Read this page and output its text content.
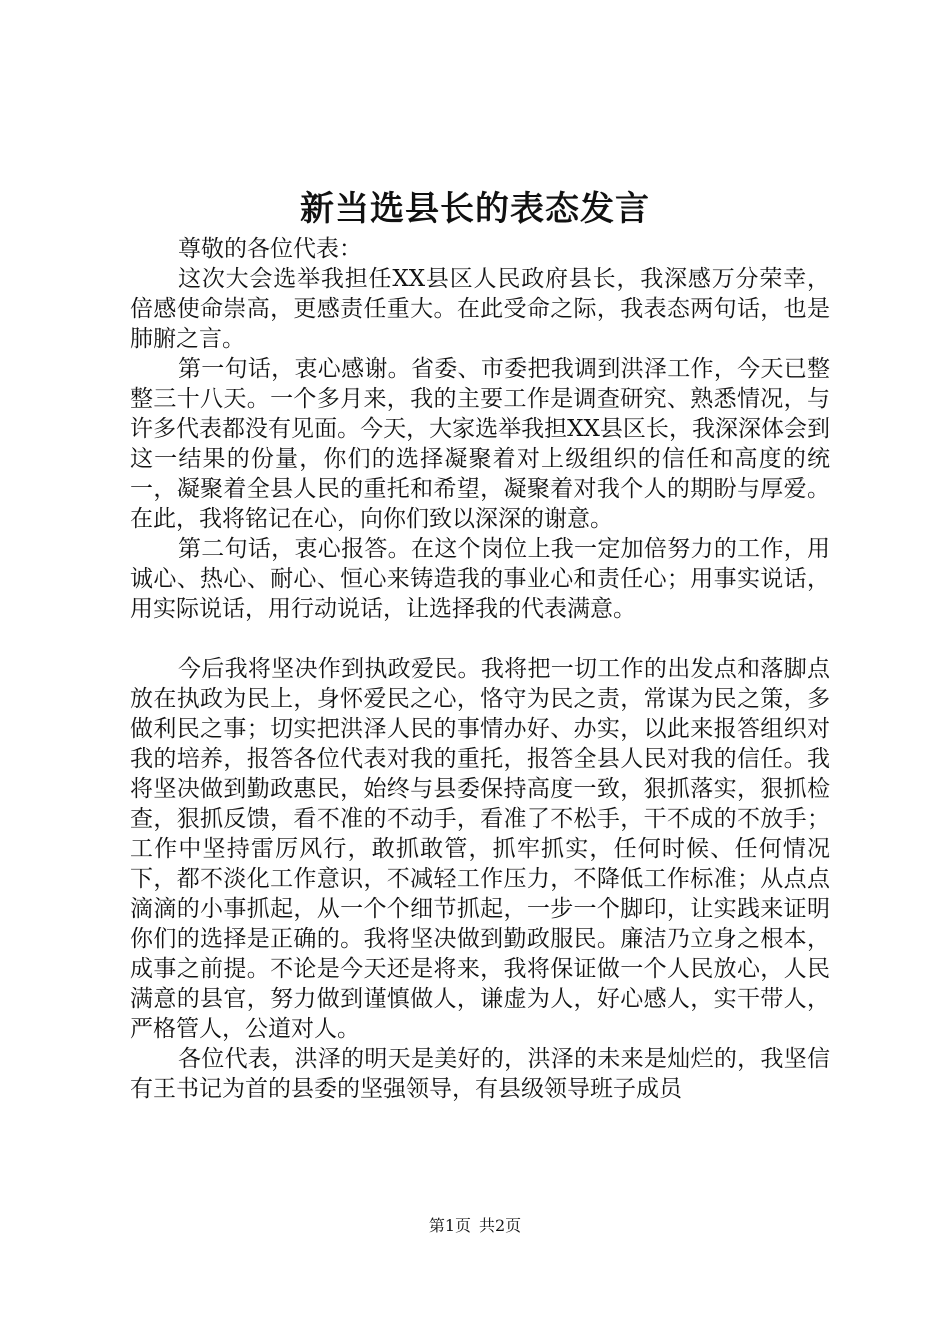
新当选县长的表态发言

尊敬的各位代表：

这次大会选举我担任XX县区人民政府县长，我深感万分荣幸，倍感使命崇高，更感责任重大。在此受命之际，我表态两句话，也是肺腑之言。

第一句话，衷心感谢。省委、市委把我调到洪泽工作，今天已整整三十八天。一个多月来，我的主要工作是调查研究、熟悉情况，与许多代表都没有见面。今天，大家选举我担XX县区长，我深深体会到这一结果的份量，你们的选择凝聚着对上级组织的信任和高度的统一，凝聚着全县人民的重托和希望，凝聚着对我个人的期盼与厚爱。在此，我将铭记在心，向你们致以深深的谢意。

第二句话，衷心报答。在这个岗位上我一定加倍努力的工作，用诚心、热心、耐心、恒心来铸造我的事业心和责任心；用事实说话，用实际说话，用行动说话，让选择我的代表满意。

今后我将坚决作到执政爱民。我将把一切工作的出发点和落脚点放在执政为民上，身怀爱民之心，恪守为民之责，常谋为民之策，多做利民之事；切实把洪泽人民的事情办好、办实，以此来报答组织对我的培养，报答各位代表对我的重托，报答全县人民对我的信任。我将坚决做到勤政惠民，始终与县委保持高度一致，狠抓落实，狠抓检查，狠抓反馈，看不准的不动手，看准了不松手，干不成的不放手；工作中坚持雷厉风行，敢抓敢管，抓牢抓实，任何时候、任何情况下，都不淡化工作意识，不减轻工作压力，不降低工作标准；从点点滴滴的小事抓起，从一个个细节抓起，一步一个脚印，让实践来证明你们的选择是正确的。我将坚决做到勤政服民。廉洁乃立身之根本，成事之前提。不论是今天还是将来，我将保证做一个人民放心，人民满意的县官，努力做到谨慎做人，谦虚为人，好心感人，实干带人，严格管人，公道对人。

各位代表，洪泽的明天是美好的，洪泽的未来是灿烂的，我坚信有王书记为首的县委的坚强领导，有县级领导班子成员

第1页 共2页
